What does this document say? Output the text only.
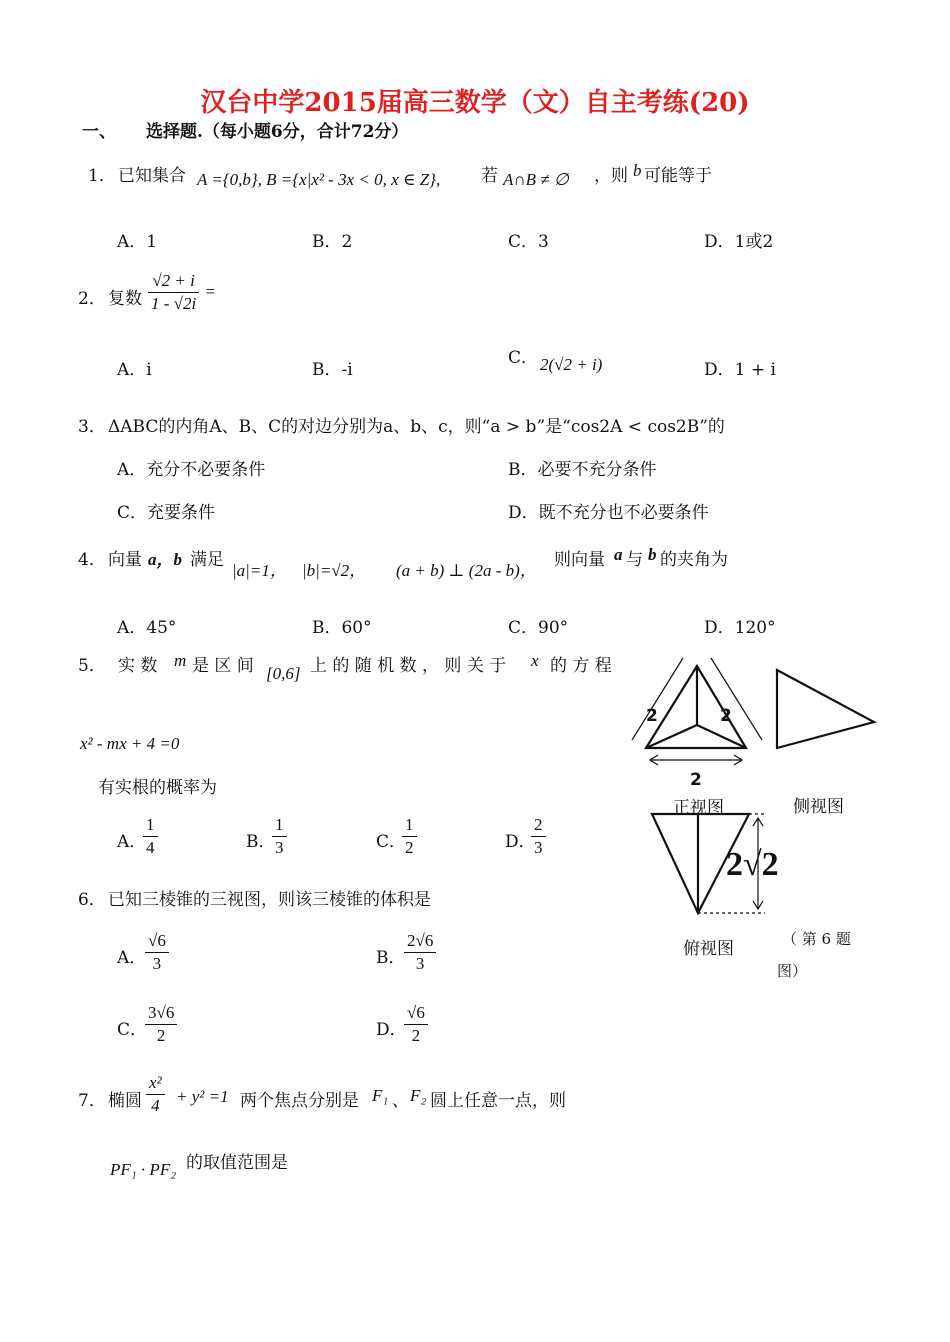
汉台中学2015届高三数学（文）自主考练(20)
一、 选择题.（每小题6分，合计72分）
1． 已知集合 A ={0,b}, B ={x|x² - 3x < 0, x ∈ Z}, 若 A∩B ≠ ∅ ，则 b 可能等于
A．1	B．2	C．3	D．1或2
2． 复数 $\frac{√2 + i}{1 - √2i}$ =
A．i	B．-i
C． 2(√2 + i)	D．1 + i
3． ΔABC的内角A、B、C的对边分别为a、b、c，则“a > b”是“cos2A < cos2B”的
A．充分不必要条件	B．必要不充分条件
C．充要条件	D．既不充分也不必要条件
4． 向量 a，b 满足
|a|=1， |b|=√2， (a + b) ⊥ (2a - b)，
则向量 a 与 b 的夹角为
A．45°	B．60°	C．90°	D．120°
5． 实 数 m 是 区 间 [0,6] 上 的 随 机 数 ， 则 关 于 x 的 方 程
x² - mx + 4 =0
有实根的概率为
A．
$\frac{1}{4}$	B．
$\frac{1}{3}$	C．
$\frac{1}{2}$	D．
$\frac{2}{3}$
6． 已知三棱锥的三视图，则该三棱锥的体积是
A．
$\frac{√6}{3}$	B．
$\frac{2√6}{3}$
C．
$\frac{3√6}{2}$	D．
$\frac{√6}{2}$
7． 椭圆 $\frac{\text{x²}}{4} + y^2 =1$ 两个焦点分别是 F₁ 、 F₂ 圆上任意一点，则
PF₁ · PF₂ 的取值范围是
2	2
2
正视图	侧视图
2√2
俯视图	（ 第 6 题
图）
